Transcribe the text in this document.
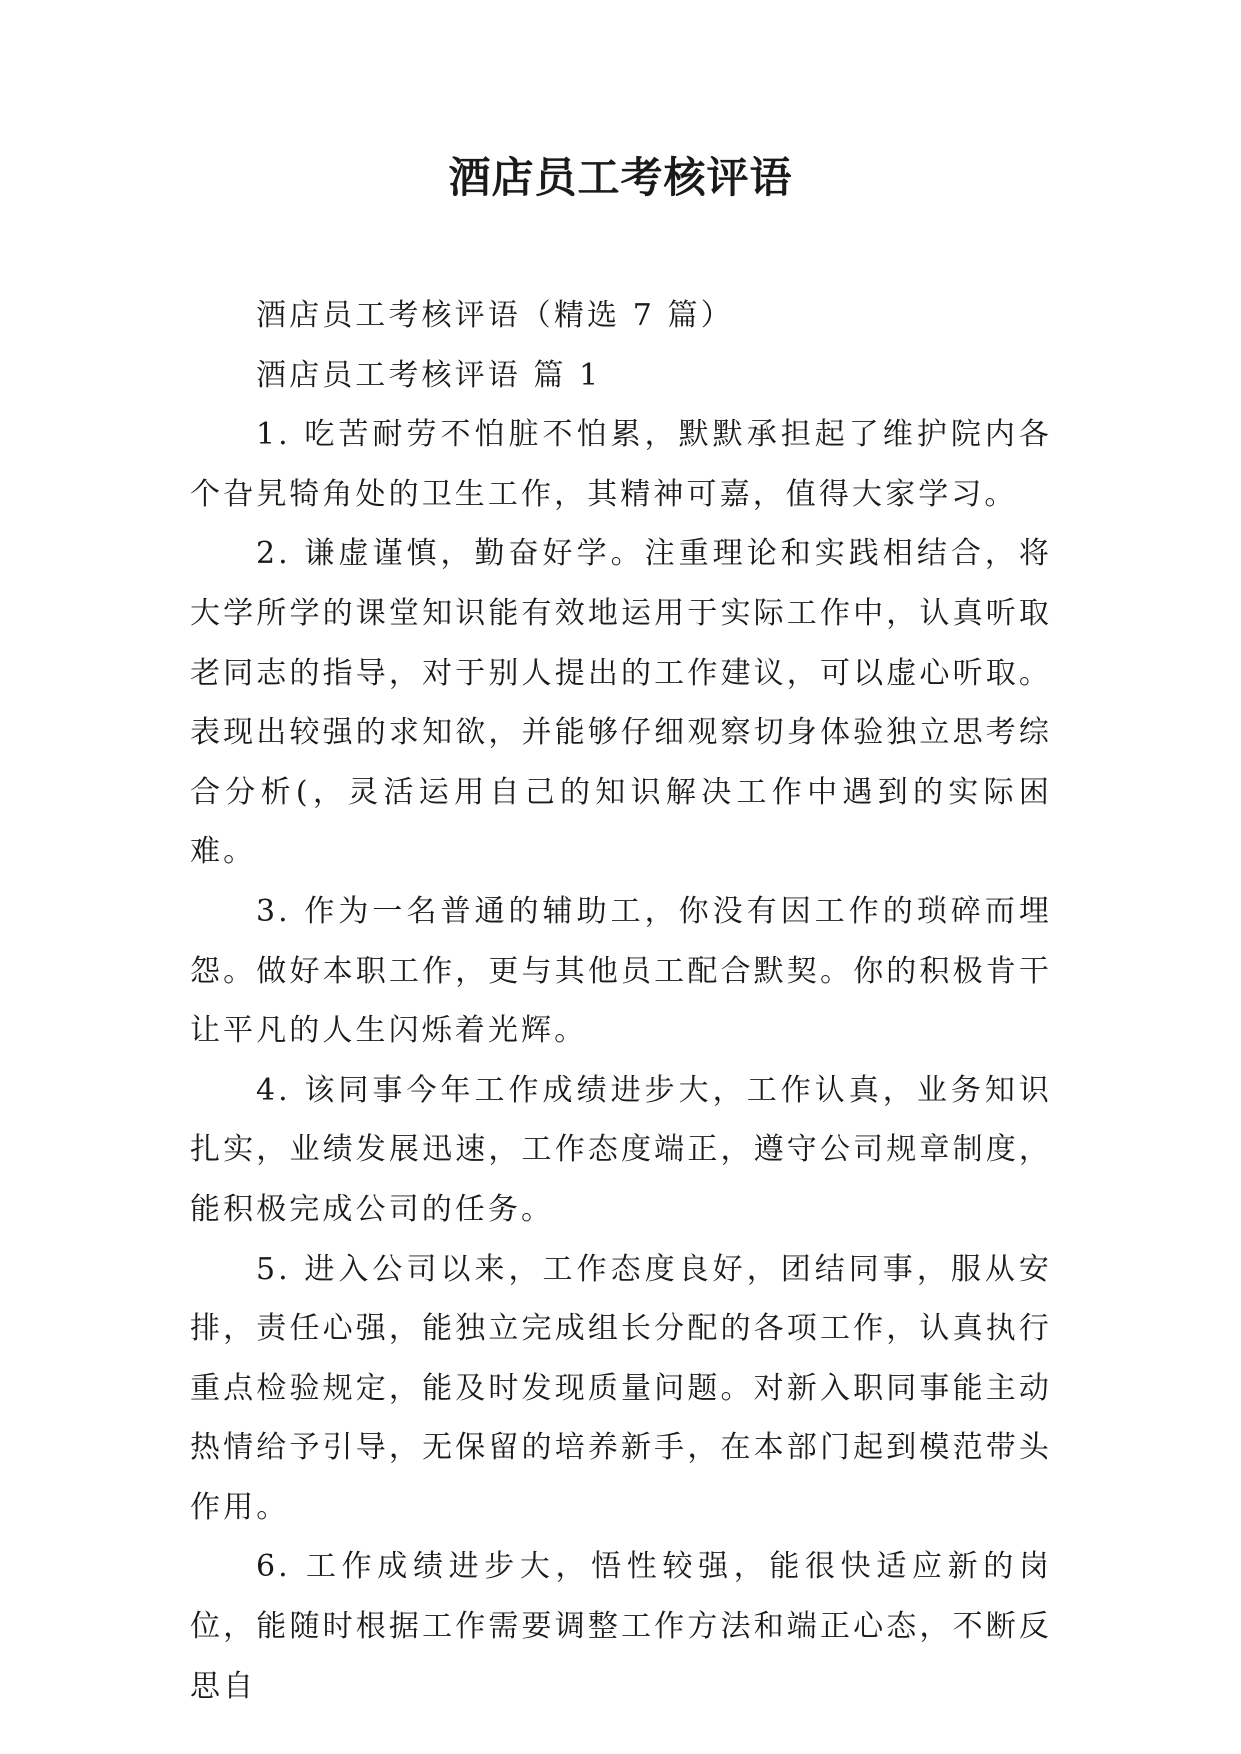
酒店员工考核评语

酒店员工考核评语（精选 7 篇）

酒店员工考核评语 篇 1

1. 吃苦耐劳不怕脏不怕累，默默承担起了维护院内各个旮旯犄角处的卫生工作，其精神可嘉，值得大家学习。

2. 谦虚谨慎，勤奋好学。注重理论和实践相结合，将大学所学的课堂知识能有效地运用于实际工作中，认真听取老同志的指导，对于别人提出的工作建议，可以虚心听取。表现出较强的求知欲，并能够仔细观察切身体验独立思考综合分析(，灵活运用自己的知识解决工作中遇到的实际困难。

3. 作为一名普通的辅助工，你没有因工作的琐碎而埋怨。做好本职工作，更与其他员工配合默契。你的积极肯干让平凡的人生闪烁着光辉。

4. 该同事今年工作成绩进步大，工作认真，业务知识扎实，业绩发展迅速，工作态度端正，遵守公司规章制度，能积极完成公司的任务。

5. 进入公司以来，工作态度良好，团结同事，服从安排，责任心强，能独立完成组长分配的各项工作，认真执行重点检验规定，能及时发现质量问题。对新入职同事能主动热情给予引导，无保留的培养新手，在本部门起到模范带头作用。

6. 工作成绩进步大，悟性较强，能很快适应新的岗位，能随时根据工作需要调整工作方法和端正心态，不断反思自
